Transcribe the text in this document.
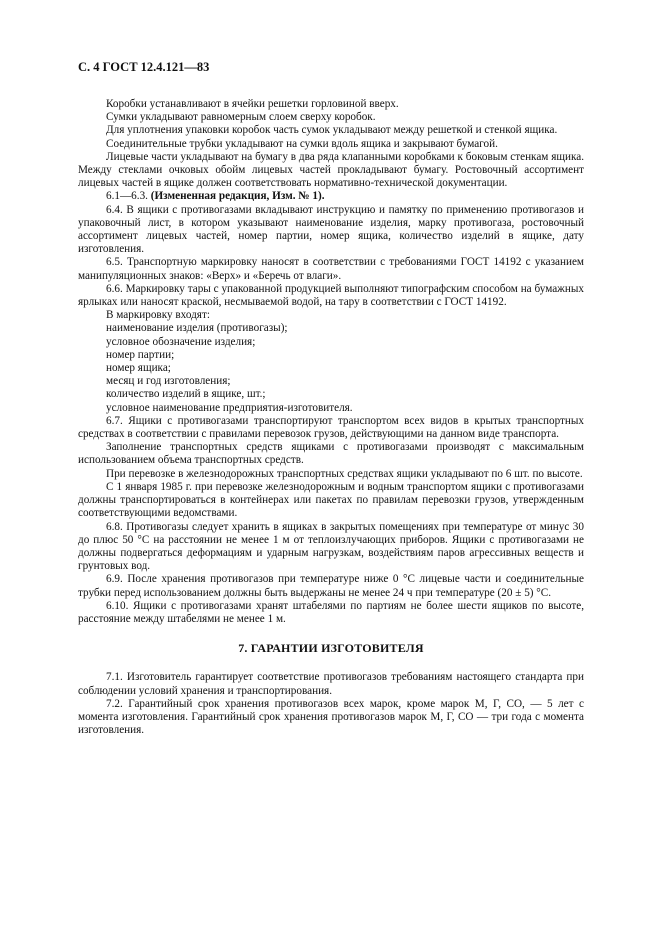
С. 4 ГОСТ 12.4.121—83

Коробки устанавливают в ячейки решетки горловиной вверх.

Сумки укладывают равномерным слоем сверху коробок.

Для уплотнения упаковки коробок часть сумок укладывают между решеткой и стенкой ящика.

Соединительные трубки укладывают на сумки вдоль ящика и закрывают бумагой.

Лицевые части укладывают на бумагу в два ряда клапанными коробками к боковым стенкам ящика. Между стеклами очковых обойм лицевых частей прокладывают бумагу. Ростовочный ассортимент лицевых частей в ящике должен соответствовать нормативно-технической документации.

6.1—6.3. (Измененная редакция, Изм. № 1).

6.4. В ящики с противогазами вкладывают инструкцию и памятку по применению противогазов и упаковочный лист, в котором указывают наименование изделия, марку противогаза, ростовочный ассортимент лицевых частей, номер партии, номер ящика, количество изделий в ящике, дату изготовления.

6.5. Транспортную маркировку наносят в соответствии с требованиями ГОСТ 14192 с указанием манипуляционных знаков: «Верх» и «Беречь от влаги».

6.6. Маркировку тары с упакованной продукцией выполняют типографским способом на бумажных ярлыках или наносят краской, несмываемой водой, на тару в соответствии с ГОСТ 14192.

В маркировку входят:

наименование изделия (противогазы);
условное обозначение изделия;
номер партии;
номер ящика;
месяц и год изготовления;
количество изделий в ящике, шт.;
условное наименование предприятия-изготовителя.

6.7. Ящики с противогазами транспортируют транспортом всех видов в крытых транспортных средствах в соответствии с правилами перевозок грузов, действующими на данном виде транспорта.

Заполнение транспортных средств ящиками с противогазами производят с максимальным использованием объема транспортных средств.

При перевозке в железнодорожных транспортных средствах ящики укладывают по 6 шт. по высоте.

С 1 января 1985 г. при перевозке железнодорожным и водным транспортом ящики с противогазами должны транспортироваться в контейнерах или пакетах по правилам перевозки грузов, утвержденным соответствующими ведомствами.

6.8. Противогазы следует хранить в ящиках в закрытых помещениях при температуре от минус 30 до плюс 50 °С на расстоянии не менее 1 м от теплоизлучающих приборов. Ящики с противогазами не должны подвергаться деформациям и ударным нагрузкам, воздействиям паров агрессивных веществ и грунтовых вод.

6.9. После хранения противогазов при температуре ниже 0 °С лицевые части и соединительные трубки перед использованием должны быть выдержаны не менее 24 ч при температуре (20 ± 5) °С.

6.10. Ящики с противогазами хранят штабелями по партиям не более шести ящиков по высоте, расстояние между штабелями не менее 1 м.

7. ГАРАНТИИ ИЗГОТОВИТЕЛЯ

7.1. Изготовитель гарантирует соответствие противогазов требованиям настоящего стандарта при соблюдении условий хранения и транспортирования.

7.2. Гарантийный срок хранения противогазов всех марок, кроме марок М, Г, СО, — 5 лет с момента изготовления. Гарантийный срок хранения противогазов марок М, Г, СО — три года с момента изготовления.
